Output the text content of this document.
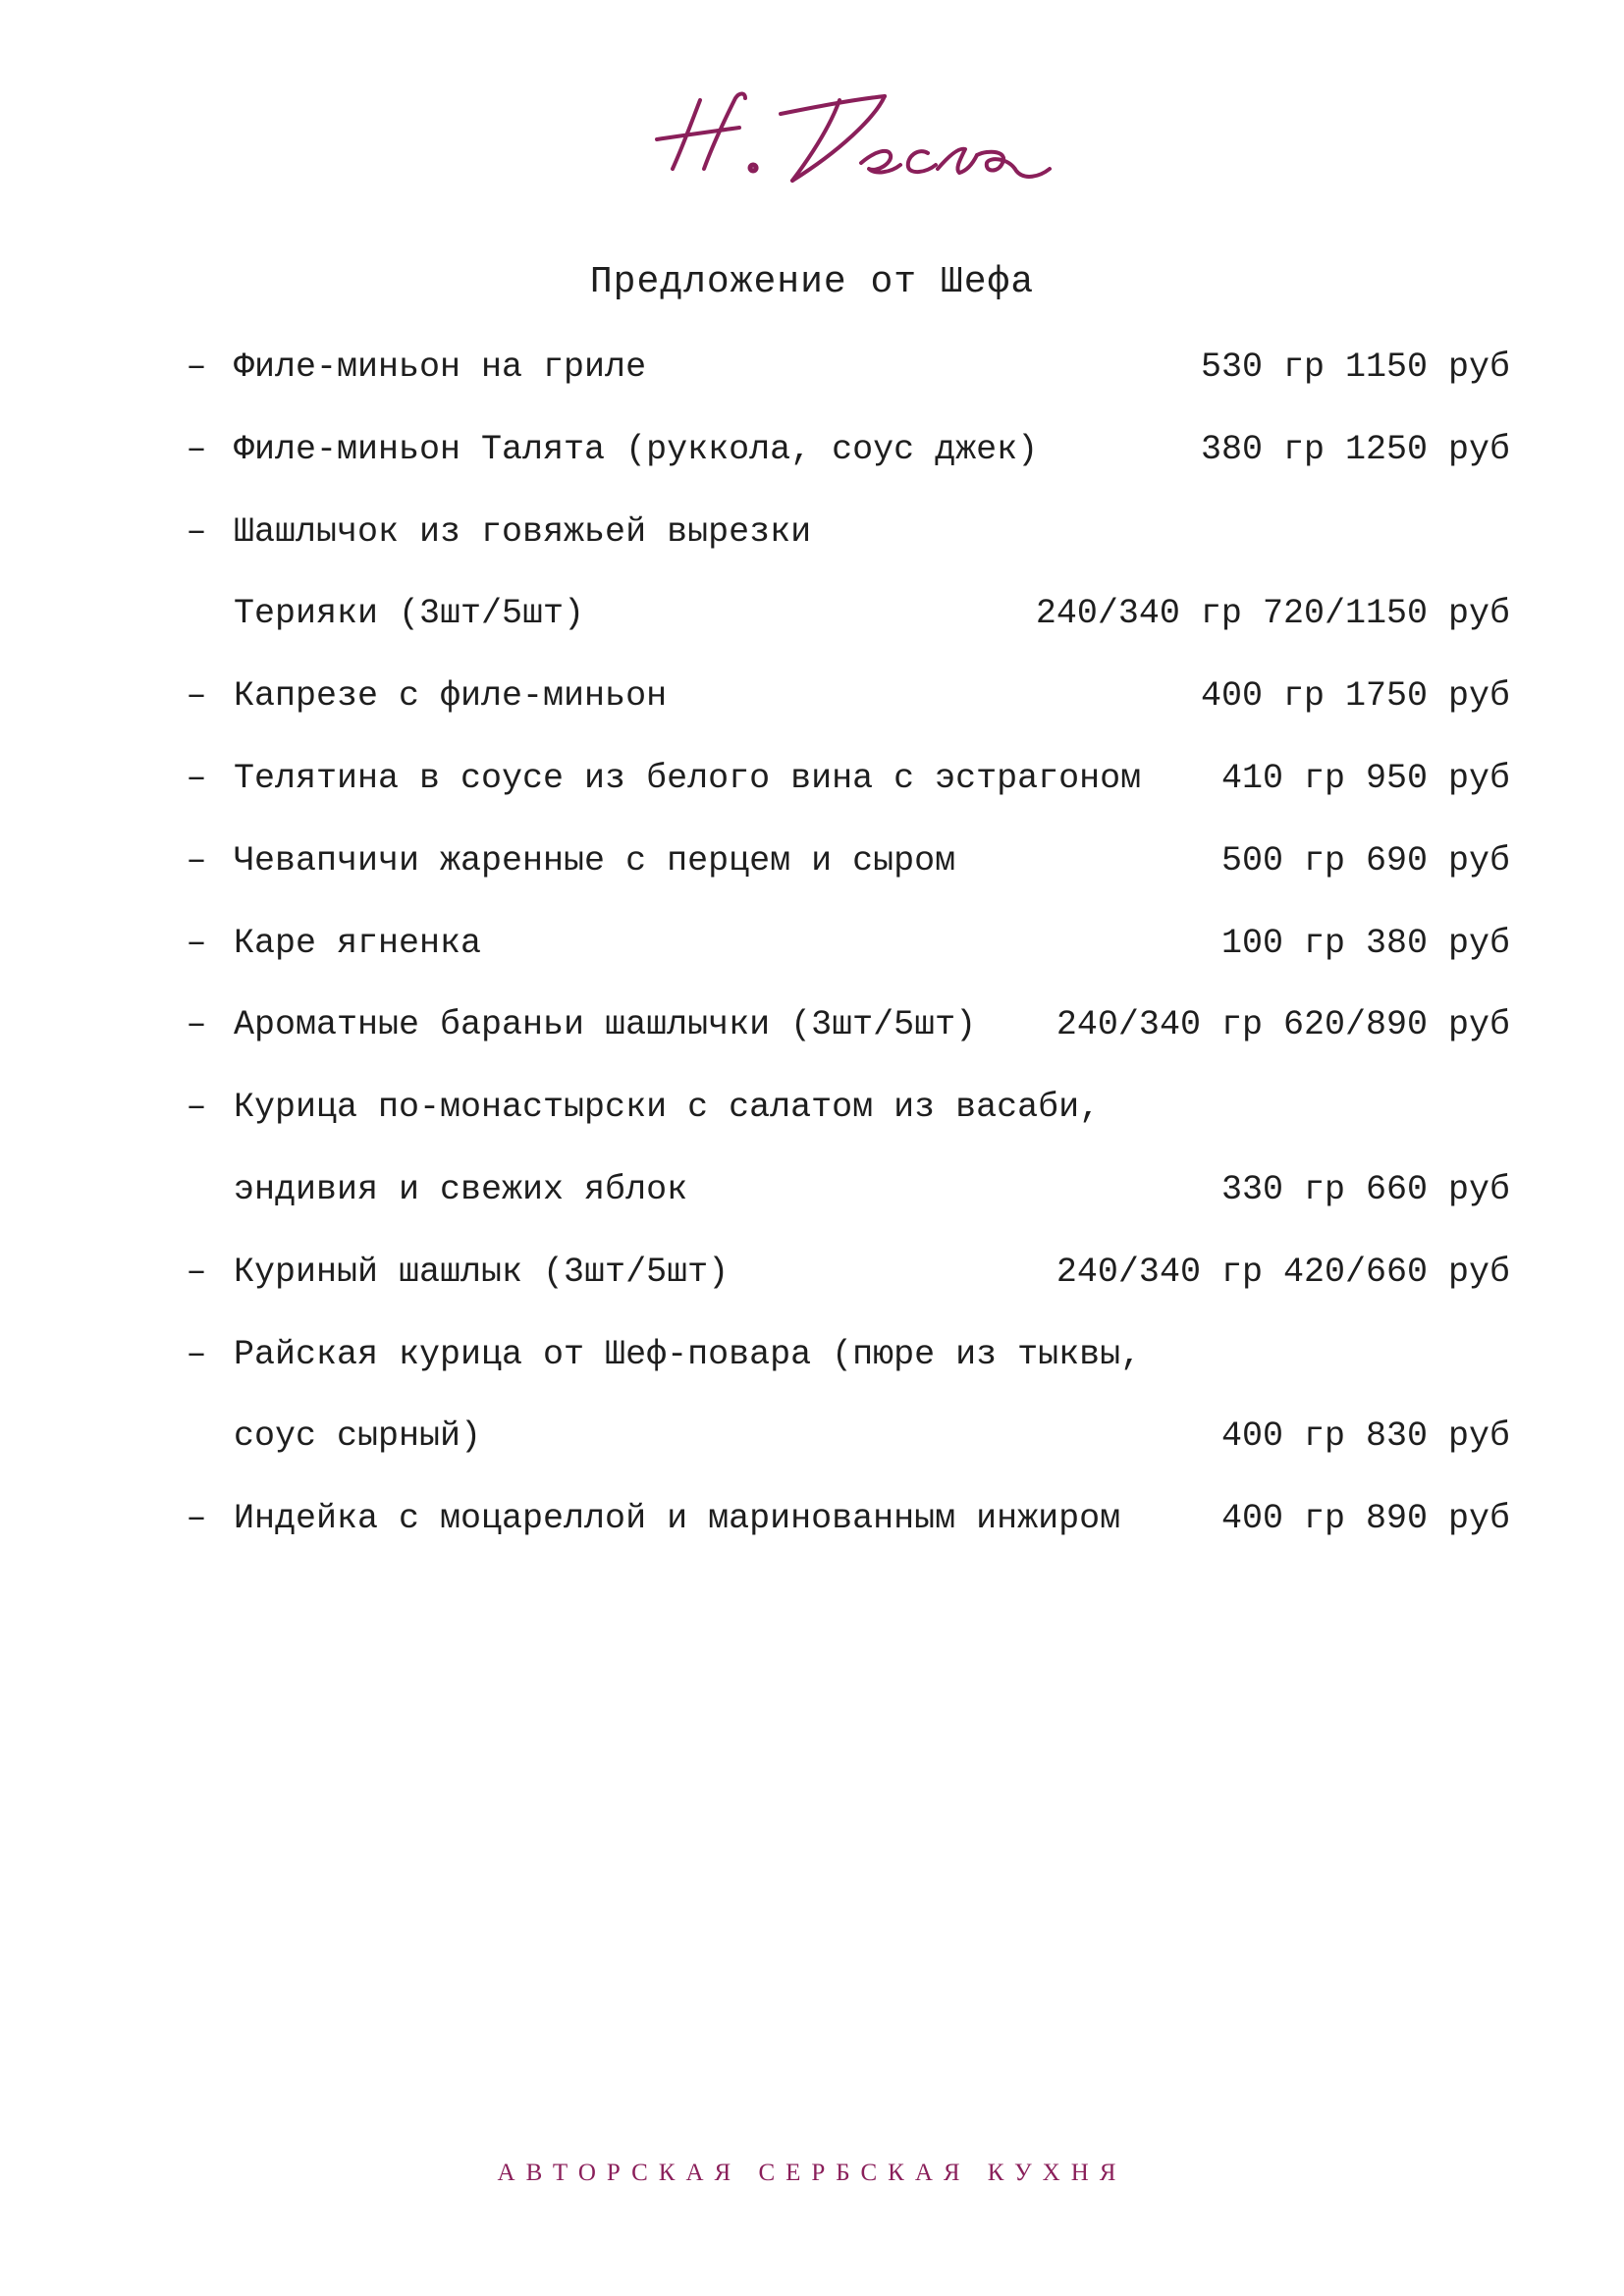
Предложение от Шефа
– Филе-миньон на гриле	530 гр 1150 руб
– Филе-миньон Талята (руккола, соус джек)	380 гр 1250 руб
– Шашлычок из говяжьей вырезки
Терияки (3шт/5шт)	240/340 гр 720/1150 руб
– Капрезе с филе-миньон	400 гр 1750 руб
– Телятина в соусе из белого вина с эстрагоном 410 гр 950 руб
– Чевапчичи жаренные с перцем и сыром	500 гр 690 руб
– Каре ягненка	100 гр 380 руб
– Ароматные бараньи шашлычки (3шт/5шт) 240/340 гр 620/890 руб
– Курица по-монастырски с салатом из васаби,
эндивия и свежих яблок	330 гр 660 руб
– Куриный шашлык (3шт/5шт)	240/340 гр 420/660 руб
– Райская курица от Шеф-повара (пюре из тыквы,
соус сырный)	400 гр 830 руб
– Индейка с моцареллой и маринованным инжиром	400 гр 890 руб
АВТОРСКАЯ СЕРБСКАЯ КУХНЯ
